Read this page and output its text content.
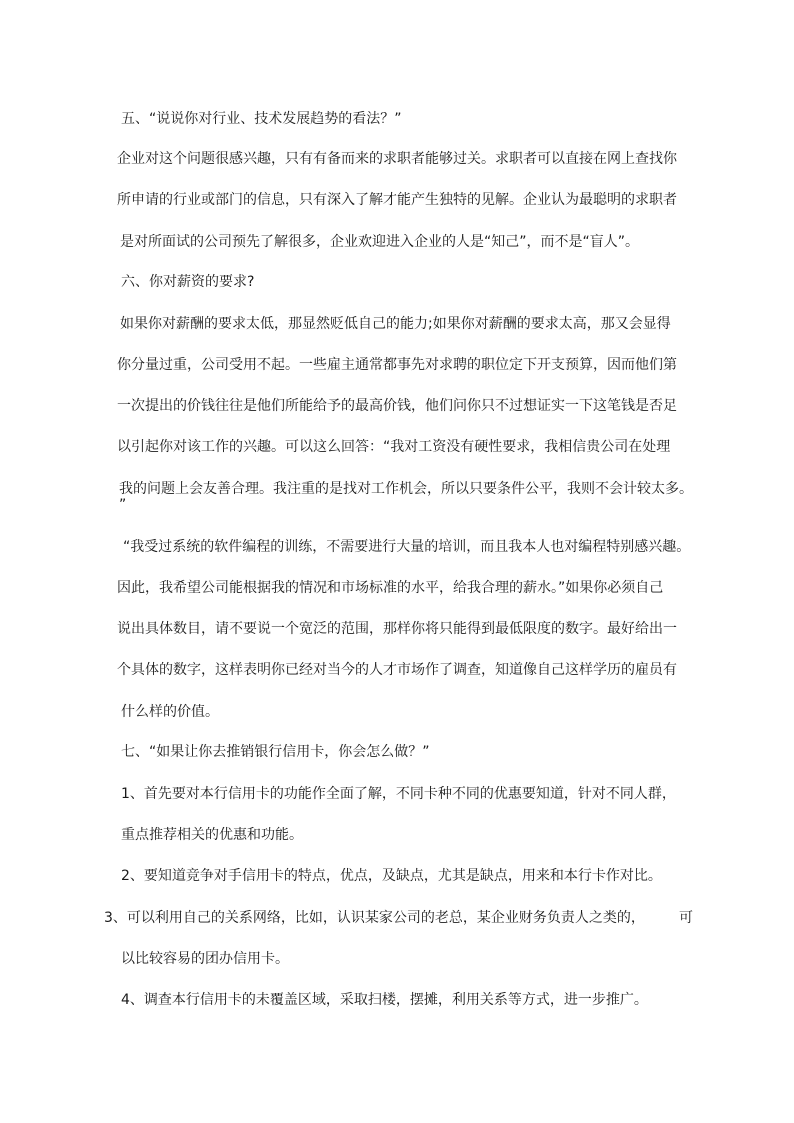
五、“说说你对行业、技术发展趋势的看法？”
企业对这个问题很感兴趣，只有有备而来的求职者能够过关。求职者可以直接在网上查找你
所申请的行业或部门的信息，只有深入了解才能产生独特的见解。企业认为最聪明的求职者
是对所面试的公司预先了解很多，企业欢迎进入企业的人是“知己”，而不是“盲人”。
六、你对薪资的要求?
如果你对薪酬的要求太低，那显然贬低自己的能力;如果你对薪酬的要求太高，那又会显得
你分量过重，公司受用不起。一些雇主通常都事先对求聘的职位定下开支预算，因而他们第
一次提出的价钱往往是他们所能给予的最高价钱，他们问你只不过想证实一下这笔钱是否足
以引起你对该工作的兴趣。可以这么回答：“我对工资没有硬性要求，我相信贵公司在处理
我的问题上会友善合理。我注重的是找对工作机会，所以只要条件公平，我则不会计较太多。
”
“我受过系统的软件编程的训练，不需要进行大量的培训，而且我本人也对编程特别感兴趣。
因此，我希望公司能根据我的情况和市场标准的水平，给我合理的薪水。”如果你必须自己
说出具体数目，请不要说一个宽泛的范围，那样你将只能得到最低限度的数字。最好给出一
个具体的数字，这样表明你已经对当今的人才市场作了调查，知道像自己这样学历的雇员有
什么样的价值。
七、“如果让你去推销银行信用卡，你会怎么做？”
1、首先要对本行信用卡的功能作全面了解，不同卡种不同的优惠要知道，针对不同人群，
重点推荐相关的优惠和功能。
2、要知道竞争对手信用卡的特点，优点，及缺点，尤其是缺点，用来和本行卡作对比。
3、可以利用自己的关系网络，比如，认识某家公司的老总，某企业财务负责人之类的， 可
以比较容易的团办信用卡。
4、调查本行信用卡的未覆盖区域，采取扫楼，摆摊，利用关系等方式，进一步推广。
